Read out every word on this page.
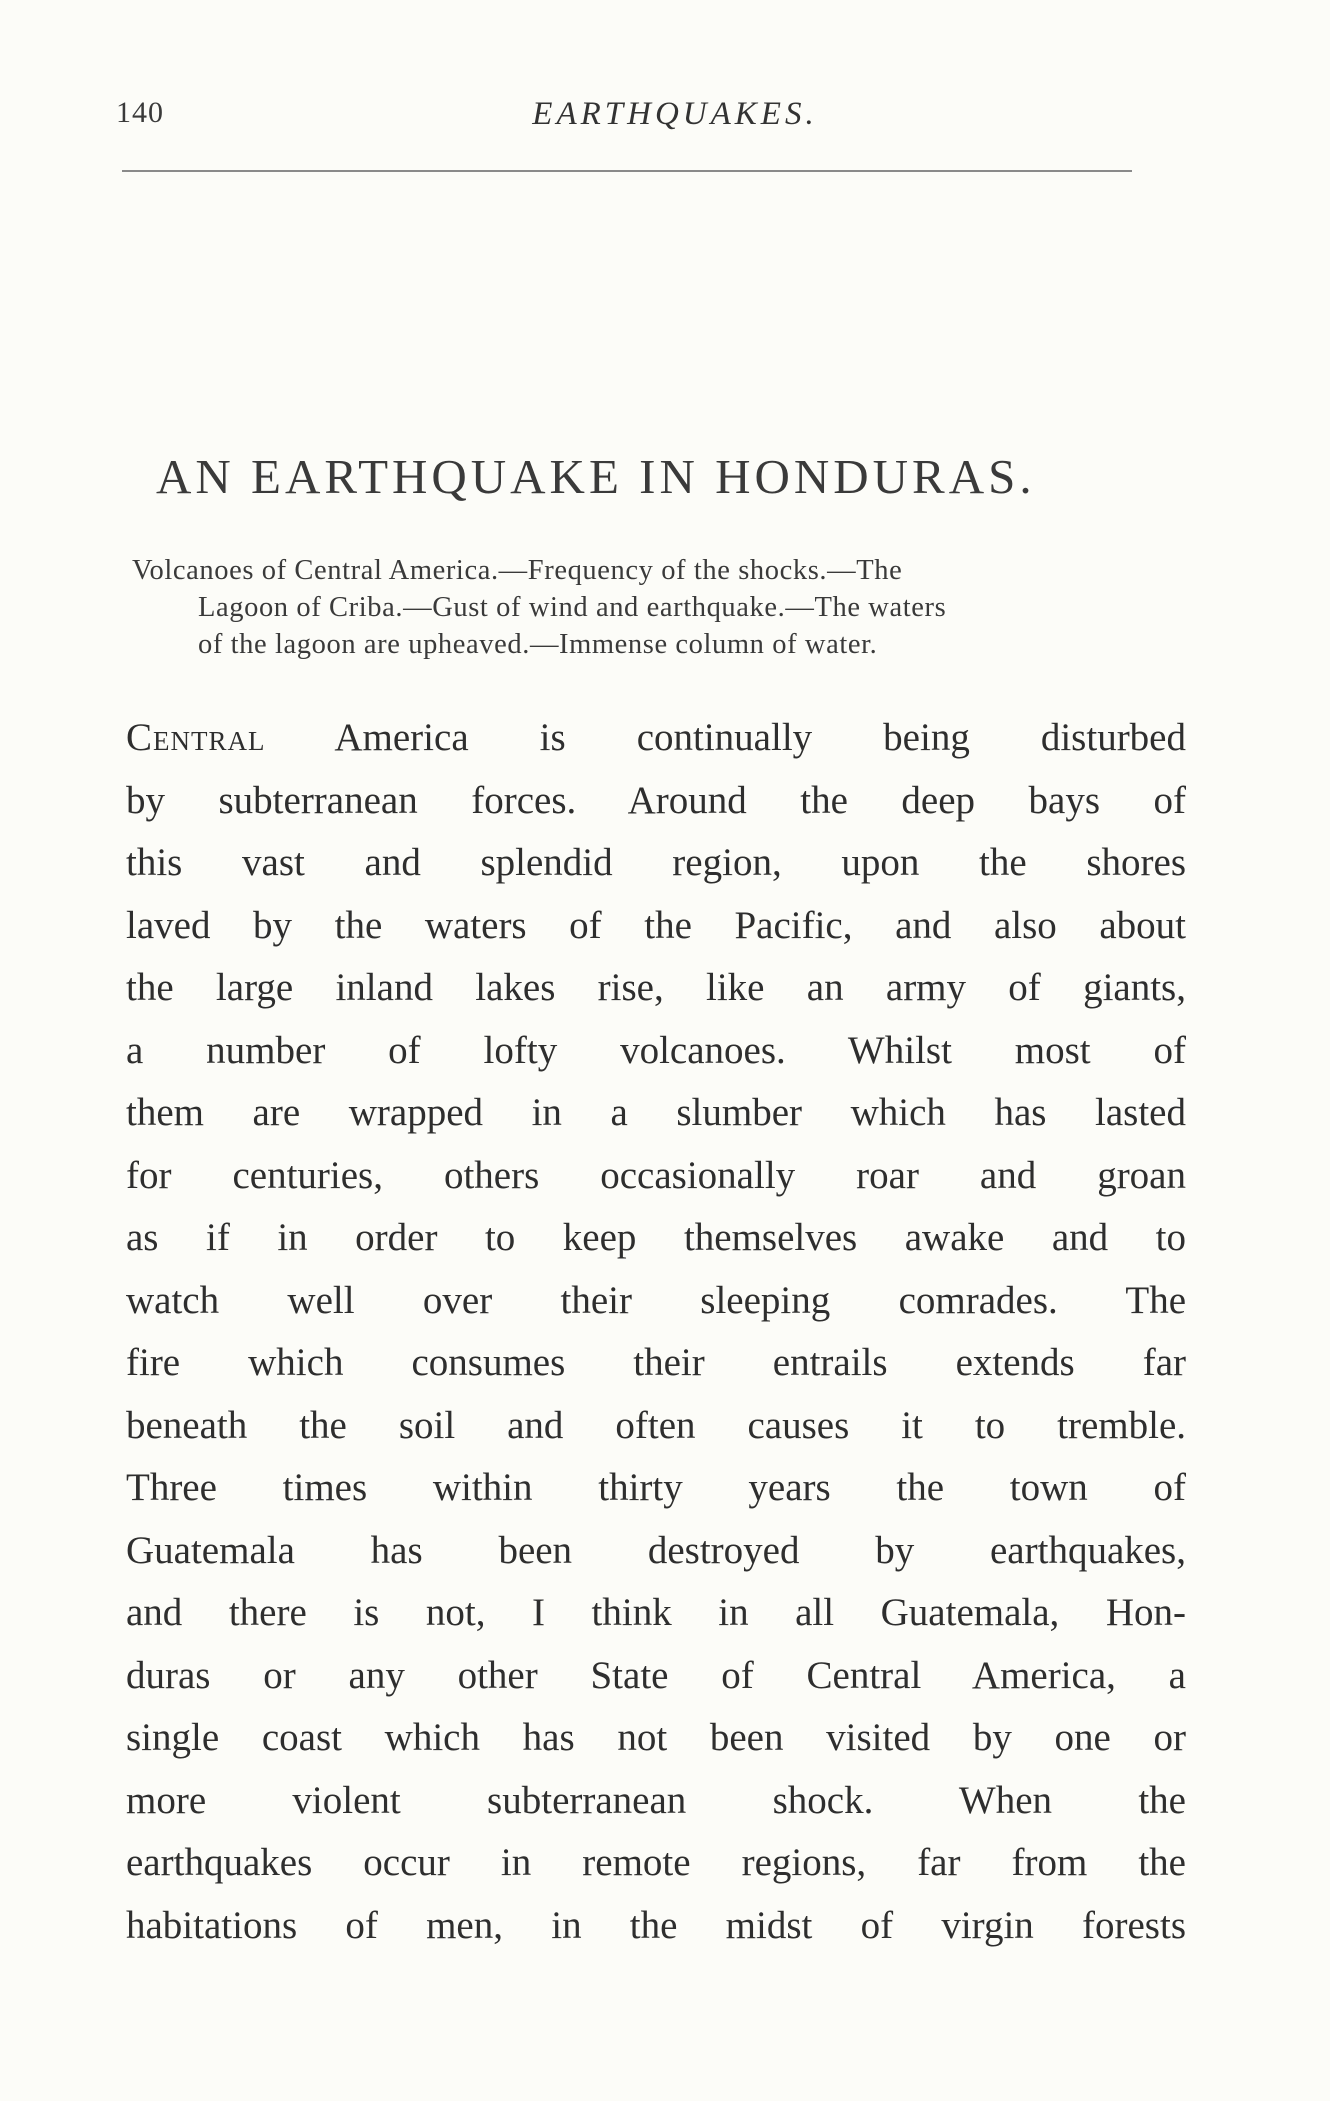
140	EARTHQUAKES.
AN EARTHQUAKE IN HONDURAS.
Volcanoes of Central America.—Frequency of the shocks.—The
Lagoon of Criba.—Gust of wind and earthquake.—The waters
of the lagoon are upheaved.—Immense column of water.
Central America is continually being disturbed
by subterranean forces. Around the deep bays of
this vast and splendid region, upon the shores
laved by the waters of the Pacific, and also about
the large inland lakes rise, like an army of giants,
a number of lofty volcanoes. Whilst most of
them are wrapped in a slumber which has lasted
for centuries, others occasionally roar and groan
as if in order to keep themselves awake and to
watch well over their sleeping comrades. The
fire which consumes their entrails extends far
beneath the soil and often causes it to tremble.
Three times within thirty years the town of
Guatemala has been destroyed by earthquakes,
and there is not, I think in all Guatemala, Hon-
duras or any other State of Central America, a
single coast which has not been visited by one or
more violent subterranean shock. When the
earthquakes occur in remote regions, far from the
habitations of men, in the midst of virgin forests
